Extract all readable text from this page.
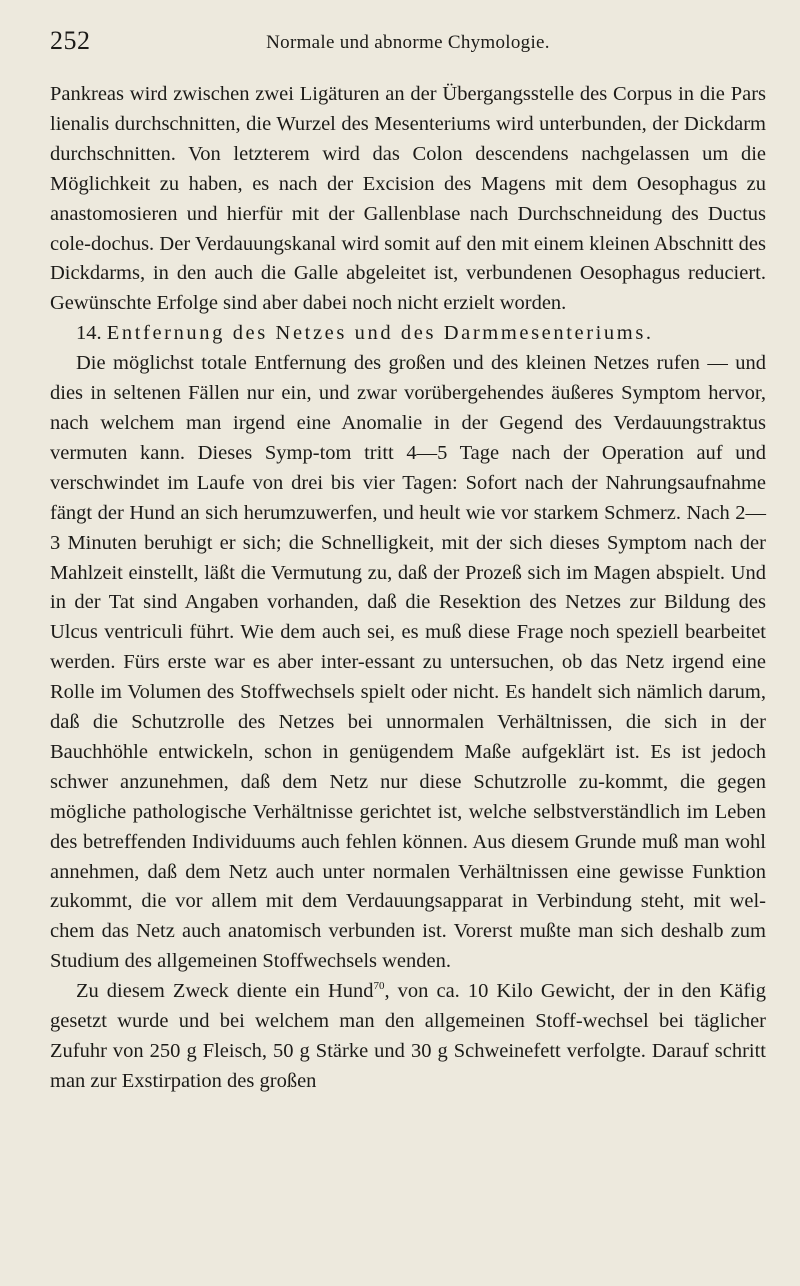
252	Normale und abnorme Chymologie.

Pankreas wird zwischen zwei Ligäturen an der Übergangsstelle des Corpus in die Pars lienalis durchschnitten, die Wurzel des Mesenteriums wird unterbunden, der Dickdarm durchschnitten. Von letzterem wird das Colon descendens nachgelassen um die Möglichkeit zu haben, es nach der Excision des Magens mit dem Oesophagus zu anastomosieren und hierfür mit der Gallenblase nach Durchschneidung des Ductus cole-dochus. Der Verdauungskanal wird somit auf den mit einem kleinen Abschnitt des Dickdarms, in den auch die Galle abgeleitet ist, verbundenen Oesophagus reduciert. Gewünschte Erfolge sind aber dabei noch nicht erzielt worden.

14. Entfernung des Netzes und des Darmmesenteriums.

Die möglichst totale Entfernung des großen und des kleinen Netzes rufen — und dies in seltenen Fällen nur ein, und zwar vorübergehendes äußeres Symptom hervor, nach welchem man irgend eine Anomalie in der Gegend des Verdauungstraktus vermuten kann. Dieses Symp-tom tritt 4—5 Tage nach der Operation auf und verschwindet im Laufe von drei bis vier Tagen: Sofort nach der Nahrungsaufnahme fängt der Hund an sich herumzuwerfen, und heult wie vor starkem Schmerz. Nach 2—3 Minuten beruhigt er sich; die Schnelligkeit, mit der sich dieses Symptom nach der Mahlzeit einstellt, läßt die Vermutung zu, daß der Prozeß sich im Magen abspielt. Und in der Tat sind Angaben vorhanden, daß die Resektion des Netzes zur Bildung des Ulcus ventriculi führt. Wie dem auch sei, es muß diese Frage noch speziell bearbeitet werden. Fürs erste war es aber inter-essant zu untersuchen, ob das Netz irgend eine Rolle im Volumen des Stoffwechsels spielt oder nicht. Es handelt sich nämlich darum, daß die Schutzrolle des Netzes bei unnormalen Verhältnissen, die sich in der Bauchhöhle entwickeln, schon in genügendem Maße aufgeklärt ist. Es ist jedoch schwer anzunehmen, daß dem Netz nur diese Schutzrolle zu-kommt, die gegen mögliche pathologische Verhältnisse gerichtet ist, welche selbstverständlich im Leben des betreffenden Individuums auch fehlen können. Aus diesem Grunde muß man wohl annehmen, daß dem Netz auch unter normalen Verhältnissen eine gewisse Funktion zukommt, die vor allem mit dem Verdauungsapparat in Verbindung steht, mit wel-chem das Netz auch anatomisch verbunden ist. Vorerst mußte man sich deshalb zum Studium des allgemeinen Stoffwechsels wenden.

Zu diesem Zweck diente ein Hund$^{70}$, von ca. 10 Kilo Gewicht, der in den Käfig gesetzt wurde und bei welchem man den allgemeinen Stoff-wechsel bei täglicher Zufuhr von 250 g Fleisch, 50 g Stärke und 30 g Schweinefett verfolgte. Darauf schritt man zur Exstirpation des großen
